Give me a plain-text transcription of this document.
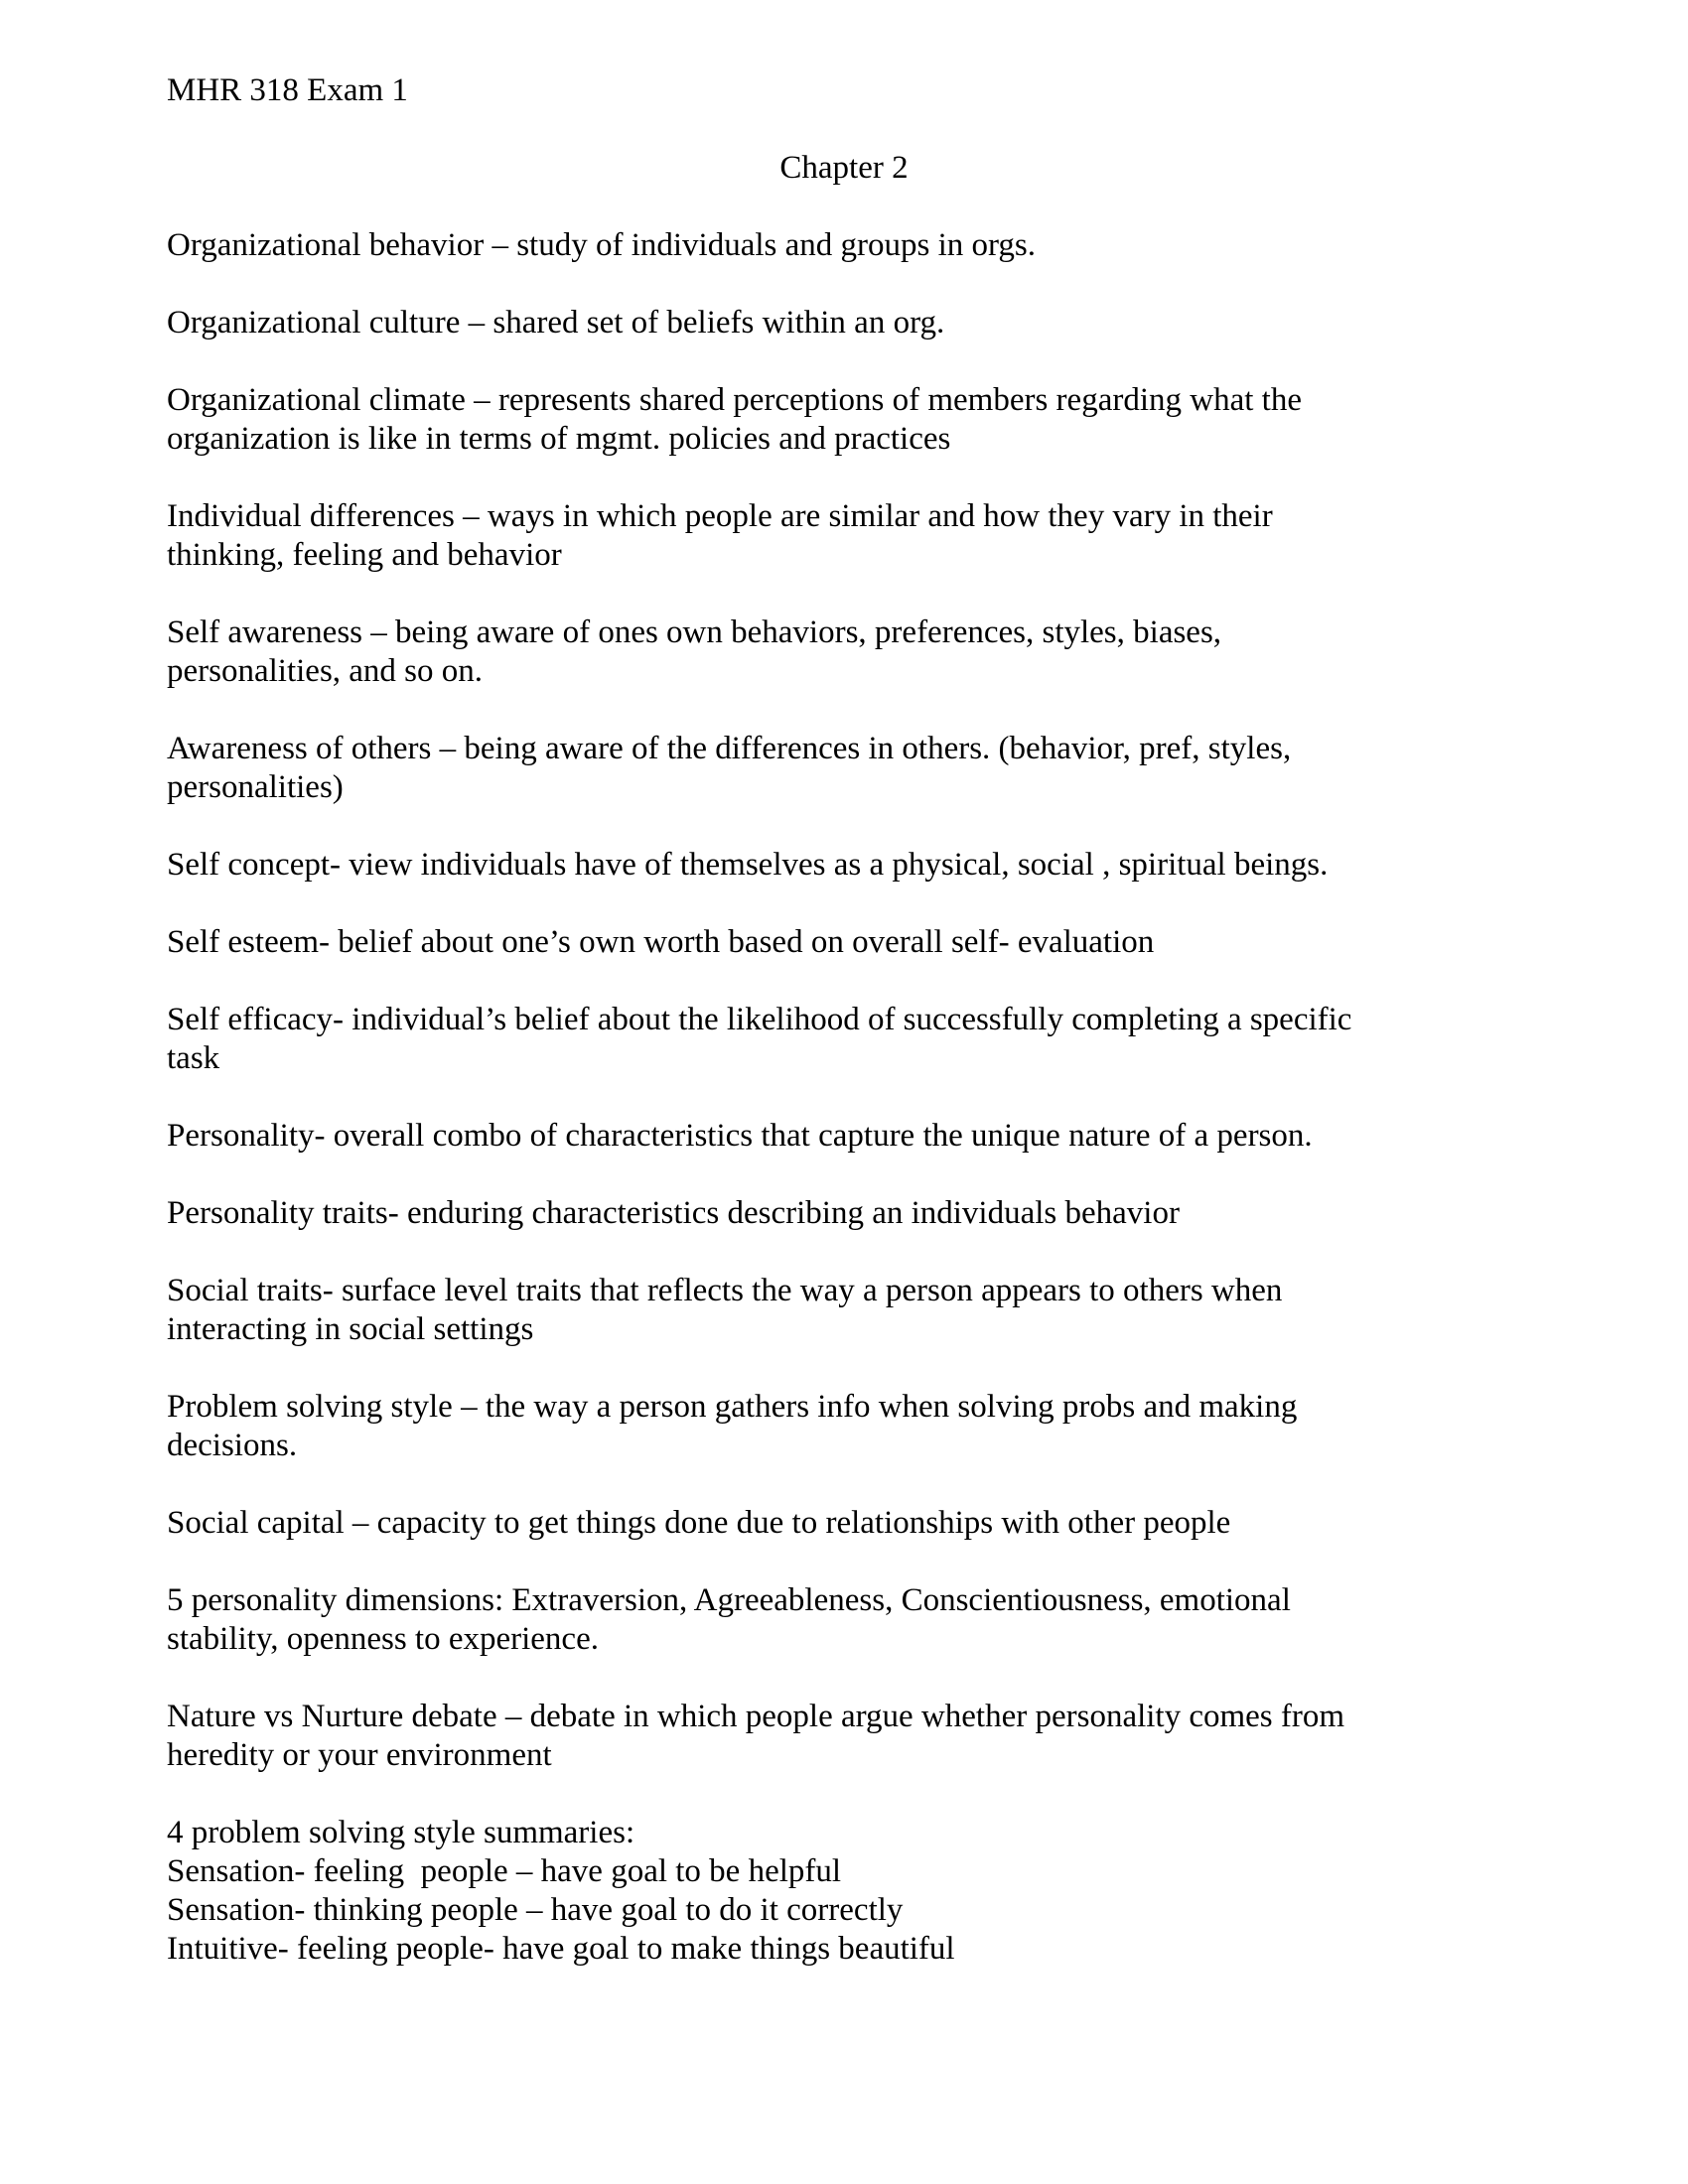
MHR 318 Exam 1
Chapter 2

Organizational behavior – study of individuals and groups in orgs.

Organizational culture – shared set of beliefs within an org.

Organizational climate – represents shared perceptions of members regarding what the
organization is like in terms of mgmt. policies and practices

Individual differences – ways in which people are similar and how they vary in their
thinking, feeling and behavior

Self awareness – being aware of ones own behaviors, preferences, styles, biases,
personalities, and so on.

Awareness of others – being aware of the differences in others. (behavior, pref, styles,
personalities)

Self concept- view individuals have of themselves as a physical, social , spiritual beings.

Self esteem- belief about one’s own worth based on overall self- evaluation

Self efficacy- individual’s belief about the likelihood of successfully completing a specific
task

Personality- overall combo of characteristics that capture the unique nature of a person.

Personality traits- enduring characteristics describing an individuals behavior

Social traits- surface level traits that reflects the way a person appears to others when
interacting in social settings

Problem solving style – the way a person gathers info when solving probs and making
decisions.

Social capital – capacity to get things done due to relationships with other people

5 personality dimensions: Extraversion, Agreeableness, Conscientiousness, emotional
stability, openness to experience.

Nature vs Nurture debate – debate in which people argue whether personality comes from
heredity or your environment

4 problem solving style summaries:
Sensation- feeling  people – have goal to be helpful
Sensation- thinking people – have goal to do it correctly
Intuitive- feeling people- have goal to make things beautiful
